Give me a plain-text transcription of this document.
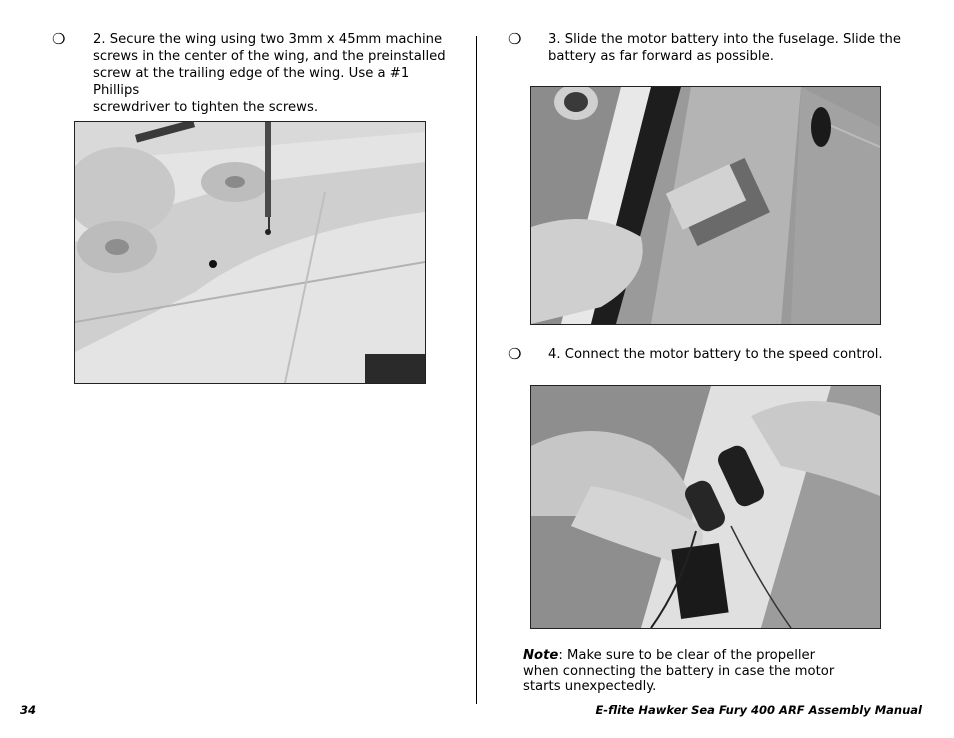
❍ 2. Secure the wing using two 3mm x 45mm machine
screws in the center of the wing, and the preinstalled
screw at the trailing edge of the wing. Use a #1 Phillips
screwdriver to tighten the screws.
❍ 3. Slide the motor battery into the fuselage. Slide the
battery as far forward as possible.
❍ 4. Connect the motor battery to the speed control.
Note: Make sure to be clear of the propeller when connecting the battery in case the motor starts unexpectedly.
34	E-flite Hawker Sea Fury 400 ARF Assembly Manual
